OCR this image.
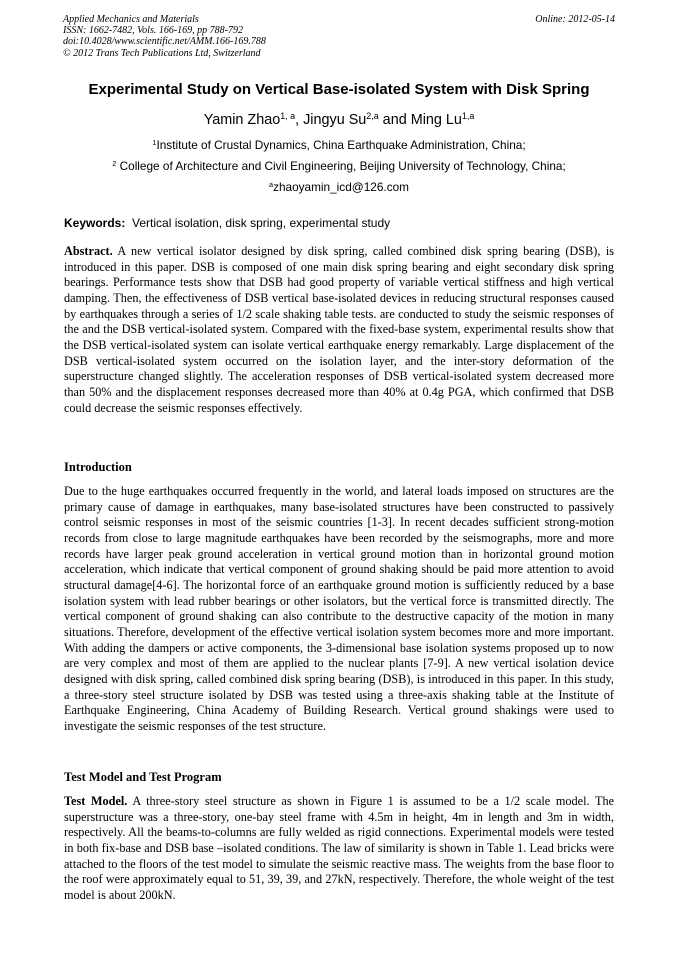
Applied Mechanics and Materials
ISSN: 1662-7482, Vols. 166-169, pp 788-792
doi:10.4028/www.scientific.net/AMM.166-169.788
© 2012 Trans Tech Publications Ltd, Switzerland
Online: 2012-05-14
Experimental Study on Vertical Base-isolated System with Disk Spring
Yamin Zhao$^{1, a}$, Jingyu Su$^{2,a}$ and Ming Lu$^{1,a}$
$^1$Institute of Crustal Dynamics, China Earthquake Administration, China;
$^2$ College of Architecture and Civil Engineering, Beijing University of Technology, China;
$^a$zhaoyamin_icd@126.com
Keywords: Vertical isolation, disk spring, experimental study
Abstract. A new vertical isolator designed by disk spring, called combined disk spring bearing (DSB), is introduced in this paper. DSB is composed of one main disk spring bearing and eight secondary disk spring bearings. Performance tests show that DSB had good property of variable vertical stiffness and high vertical damping. Then, the effectiveness of DSB vertical base-isolated devices in reducing structural responses caused by earthquakes through a series of 1/2 scale shaking table tests. are conducted to study the seismic responses of the and the DSB vertical-isolated system. Compared with the fixed-base system, experimental results show that the DSB vertical-isolated system can isolate vertical earthquake energy remarkably. Large displacement of the DSB vertical-isolated system occurred on the isolation layer, and the inter-story deformation of the superstructure changed slightly. The acceleration responses of DSB vertical-isolated system decreased more than 50% and the displacement responses decreased more than 40% at 0.4g PGA, which confirmed that DSB could decrease the seismic responses effectively.
Introduction
Due to the huge earthquakes occurred frequently in the world, and lateral loads imposed on structures are the primary cause of damage in earthquakes, many base-isolated structures have been constructed to passively control seismic responses in most of the seismic countries [1-3]. In recent decades sufficient strong-motion records from close to large magnitude earthquakes have been recorded by the seismographs, more and more records have larger peak ground acceleration in vertical ground motion than in horizontal ground motion acceleration, which indicate that vertical component of ground shaking should be paid more attention to avoid structural damage[4-6]. The horizontal force of an earthquake ground motion is sufficiently reduced by a base isolation system with lead rubber bearings or other isolators, but the vertical force is transmitted directly. The vertical component of ground shaking can also contribute to the destructive capacity of the motion in many situations. Therefore, development of the effective vertical isolation system becomes more and more important. With adding the dampers or active components, the 3-dimensional base isolation systems proposed up to now are very complex and most of them are applied to the nuclear plants [7-9]. A new vertical isolation device designed with disk spring, called combined disk spring bearing (DSB), is introduced in this paper. In this study, a three-story steel structure isolated by DSB was tested using a three-axis shaking table at the Institute of Earthquake Engineering, China Academy of Building Research. Vertical ground shakings were used to investigate the seismic responses of the test structure.
Test Model and Test Program
Test Model. A three-story steel structure as shown in Figure 1 is assumed to be a 1/2 scale model. The superstructure was a three-story, one-bay steel frame with 4.5m in height, 4m in length and 3m in width, respectively. All the beams-to-columns are fully welded as rigid connections. Experimental models were tested in both fix-base and DSB base –isolated conditions. The law of similarity is shown in Table 1. Lead bricks were attached to the floors of the test model to simulate the seismic reactive mass. The weights from the base floor to the roof were approximately equal to 51, 39, 39, and 27kN, respectively. Therefore, the whole weight of the test model is about 200kN.
